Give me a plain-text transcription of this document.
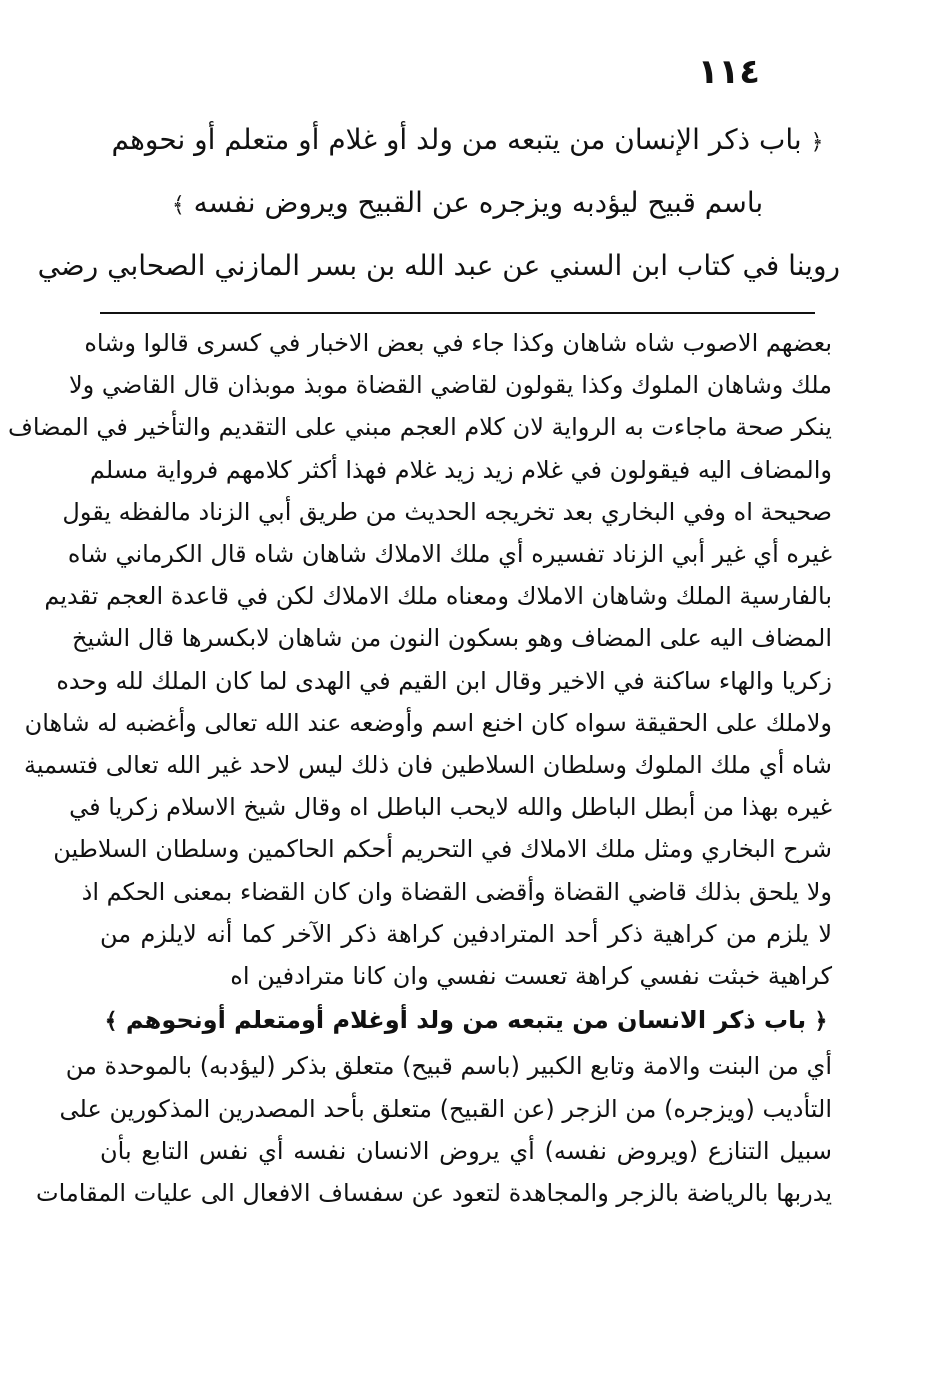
١١٤
﴿ باب ذكر الإنسان من يتبعه من ولد أو غلام أو متعلم أو نحوهم
باسم قبيح ليؤدبه ويزجره عن القبيح ويروض نفسه ﴾
روينا في كتاب ابن السني عن عبد الله بن بسر المازني الصحابي رضي
بعضهم الاصوب شاه شاهان وكذا جاء في بعض الاخبار في كسرى قالوا وشاه
ملك وشاهان الملوك وكذا يقولون لقاضي القضاة موبذ موبذان قال القاضي ولا
ينكر صحة ماجاءت به الرواية لان كلام العجم مبني على التقديم والتأخير في المضاف
والمضاف اليه فيقولون في غلام زيد زيد غلام فهذا أكثر كلامهم فرواية مسلم
صحيحة اه وفي البخاري بعد تخريجه الحديث من طريق أبي الزناد مالفظه يقول
غيره أي غير أبي الزناد تفسيره أي ملك الاملاك شاهان شاه قال الكرماني شاه
بالفارسية الملك وشاهان الاملاك ومعناه ملك الاملاك لكن في قاعدة العجم تقديم
المضاف اليه على المضاف وهو بسكون النون من شاهان لابكسرها قال الشيخ
زكريا والهاء ساكنة في الاخير وقال ابن القيم في الهدى لما كان الملك لله وحده
ولاملك على الحقيقة سواه كان اخنع اسم وأوضعه عند الله تعالى وأغضبه له شاهان
شاه أي ملك الملوك وسلطان السلاطين فان ذلك ليس لاحد غير الله تعالى فتسمية
غيره بهذا من أبطل الباطل والله لايحب الباطل اه وقال شيخ الاسلام زكريا في
شرح البخاري ومثل ملك الاملاك في التحريم أحكم الحاكمين وسلطان السلاطين
ولا يلحق بذلك قاضي القضاة وأقضى القضاة وان كان القضاء بمعنى الحكم اذ
لا يلزم من كراهية ذكر أحد المترادفين كراهة ذكر الآخر كما أنه لايلزم من
كراهية خبثت نفسي كراهة تعست نفسي وان كانا مترادفين اه
﴿ باب ذكر الانسان من يتبعه من ولد أوغلام أومتعلم أونحوهم ﴾
أي من البنت والامة وتابع الكبير (باسم قبيح) متعلق بذكر (ليؤدبه) بالموحدة من
التأديب (ويزجره) من الزجر (عن القبيح) متعلق بأحد المصدرين المذكورين على
سبيل التنازع (ويروض نفسه) أي يروض الانسان نفسه أي نفس التابع بأن
يدربها بالرياضة بالزجر والمجاهدة لتعود عن سفساف الافعال الى عليات المقامات
